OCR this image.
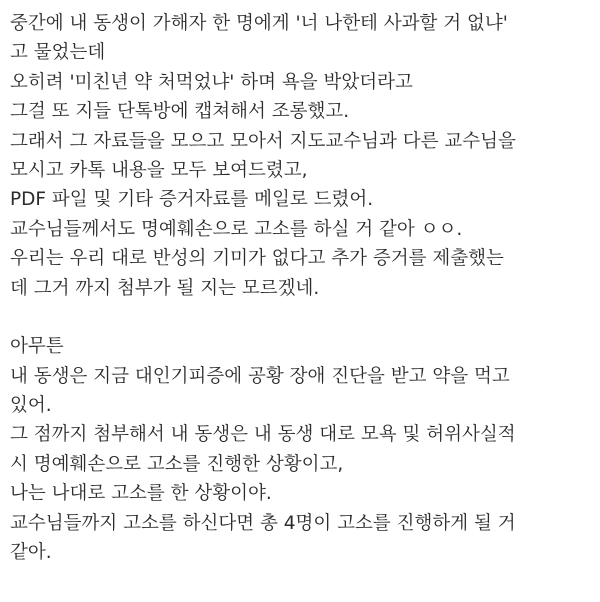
중간에 내 동생이 가해자 한 명에게 '너 나한테 사과할 거 없냐'
고 물었는데
오히려 '미친년 약 처먹었냐' 하며 욕을 박았더라고
그걸 또 지들 단톡방에 캡쳐해서 조롱했고.
그래서 그 자료들을 모으고 모아서 지도교수님과 다른 교수님을
모시고 카톡 내용을 모두 보여드렸고,
PDF 파일 및 기타 증거자료를 메일로 드렸어.
교수님들께서도 명예훼손으로 고소를 하실 거 같아 ㅇㅇ.
우리는 우리 대로 반성의 기미가 없다고 추가 증거를 제출했는
데 그거 까지 첨부가 될 지는 모르겠네.
아무튼
내 동생은 지금 대인기피증에 공황 장애 진단을 받고 약을 먹고
있어.
그 점까지 첨부해서 내 동생은 내 동생 대로 모욕 및 허위사실적
시 명예훼손으로 고소를 진행한 상황이고,
나는 나대로 고소를 한 상황이야.
교수님들까지 고소를 하신다면 총 4명이 고소를 진행하게 될 거
같아.
